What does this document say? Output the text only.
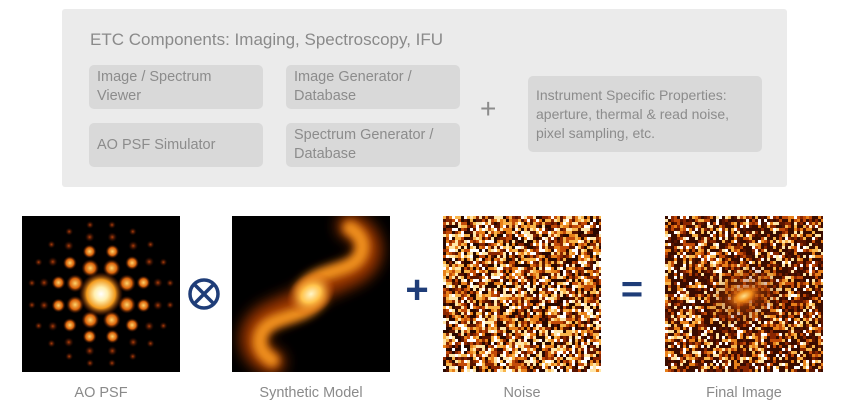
ETC Components: Imaging, Spectroscopy, IFU
Image / Spectrum
Viewer
AO PSF Simulator
Image Generator /
Database
Spectrum Generator /
Database
+	Instrument Specific Properties:
aperture, thermal & read noise,
pixel sampling, etc.
+	=
AO PSF	Synthetic Model	Noise	Final Image
